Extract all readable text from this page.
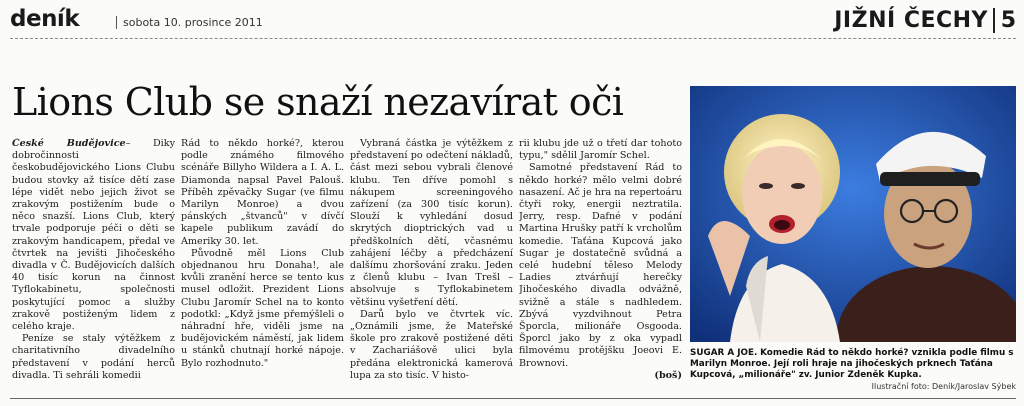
deník	sobota 10. prosince 2011	JIŽNÍ ČECHY 5
Lions Club se snaží nezavírat oči

České Budějovice– Diky dobročinnosti českobudějovického Lions Clubu budou stovky až tisíce dětí zase lépe vidět nebo jejich život se zrakovým postižením bude o něco snazší. Lions Club, který trvale podporuje péči o děti se zrakovým handicapem, předal ve čtvrtek na jevišti Jihočeského divadla v Č. Budějovicích dalších 40 tisíc korun na činnost Tyflokabinetu, společnosti poskytující pomoc a služby zrakově postiženým lidem z celého kraje.

Peníze se staly výtěžkem z charitativního divadelního představení v podání herců divadla. Ti sehráli komedii

Rád to někdo horké?, kterou podle známého filmového scénáře Billyho Wildera a I. A. L. Diamonda napsal Pavel Palouš. Příběh zpěvačky Sugar (ve filmu Marilyn Monroe) a dvou pánských „štvanců" v dívčí kapele publikum zavádí do Ameriky 30. let.

Původně měl Lions Club objednanou hru Donaha!, ale kvůli zranění herce se tento kus musel odložit. Prezident Lions Clubu Jaromír Schel na to konto podotkl: „Když jsme přemýšleli o náhradní hře, viděli jsme na budějovickém náměstí, jak lidem u stánků chutnají horké nápoje. Bylo rozhodnuto."

Vybraná částka je výtěžkem z představení po odečtení nákladů, část mezi sebou vybrali členové klubu. Ten dříve pomohl s nákupem screeningového zařízení (za 300 tisíc korun). Slouží k vyhledání dosud skrytých dioptrických vad u předškolních dětí, včasnému zahájení léčby a předcházení dalšímu zhoršování zraku. Jeden z členů klubu – Ivan Trešl – absolvuje s Tyflokabinetem většinu vyšetření dětí.

Darů bylo ve čtvrtek víc. „Oznámili jsme, že Mateřské škole pro zrakově postižené děti v Zachariášově ulici byla předána elektronická kamerová lupa za sto tisíc. V histo-

rii klubu jde už o třetí dar tohoto typu," sdělil Jaromír Schel.

Samotné představení Rád to někdo horké? mělo velmi dobré nasazení. Ač je hra na repertoáru čtyři roky, energii neztratila. Jerry, resp. Dafné v podání Martina Hrušky patří k vrcholům komedie. Taťána Kupcová jako Sugar je dostatečně svůdná a celé hudební těleso Melody Ladies ztvárňují herečky Jihočeského divadla odvážně, svižně a stále s nadhledem. Zbývá vyzdvihnout Petra Šporcla, milionáře Osgooda. Šporcl jako by z oka vypadl filmovému protějšku Joeovi E. Brownovi.

(boš)

SUGAR A JOE. Komedie Rád to někdo horké? vznikla podle filmu s Marilyn Monroe. Její roli hraje na jihočeských prknech Taťána Kupcová, „milionáře" zv. Junior Zdeněk Kupka.
Ilustrační foto: Deník/Jaroslav Sýbek
